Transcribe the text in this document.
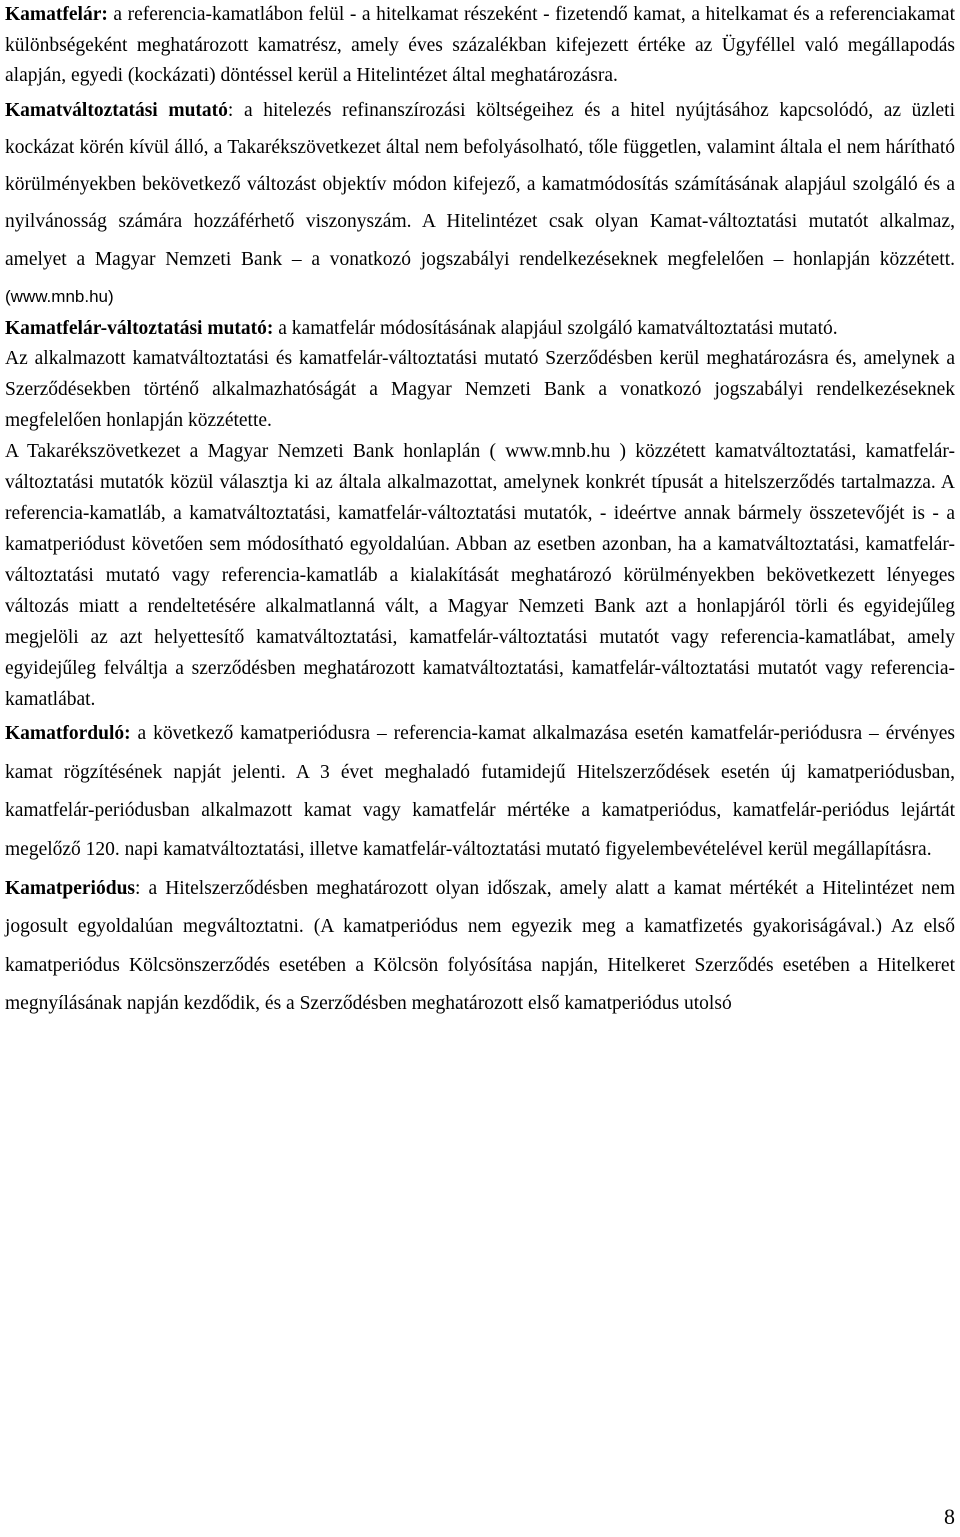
Kamatfelár: a referencia-kamatlábon felül - a hitelkamat részeként - fizetendő kamat, a hitelkamat és a referenciakamat különbségeként meghatározott kamatrész, amely éves százalékban kifejezett értéke az Ügyféllel való megállapodás alapján, egyedi (kockázati) döntéssel kerül a Hitelintézet által meghatározásra.

Kamatváltoztatási mutató: a hitelezés refinanszírozási költségeihez és a hitel nyújtásához kapcsolódó, az üzleti kockázat körén kívül álló, a Takarékszövetkezet által nem befolyásolható, tőle független, valamint általa el nem hárítható körülményekben bekövetkező változást objektív módon kifejező, a kamatmódosítás számításának alapjául szolgáló és a nyilvánosság számára hozzáférhető viszonyszám. A Hitelintézet csak olyan Kamat-változtatási mutatót alkalmaz, amelyet a Magyar Nemzeti Bank – a vonatkozó jogszabályi rendelkezéseknek megfelelően – honlapján közzétett. (www.mnb.hu)

Kamatfelár-változtatási mutató: a kamatfelár módosításának alapjául szolgáló kamatváltoztatási mutató.

Az alkalmazott kamatváltoztatási és kamatfelár-változtatási mutató Szerződésben kerül meghatározásra és, amelynek a Szerződésekben történő alkalmazhatóságát a Magyar Nemzeti Bank a vonatkozó jogszabályi rendelkezéseknek megfelelően honlapján közzétette.

A Takarékszövetkezet a Magyar Nemzeti Bank honlaplán ( www.mnb.hu ) közzétett kamatváltoztatási, kamatfelár-változtatási mutatók közül választja ki az általa alkalmazottat, amelynek konkrét típusát a hitelszerződés tartalmazza. A referencia-kamatláb, a kamatváltoztatási, kamatfelár-változtatási mutatók, - ideértve annak bármely összetevőjét is - a kamatperiódust követően sem módosítható egyoldalúan. Abban az esetben azonban, ha a kamatváltoztatási, kamatfelár-változtatási mutató vagy referencia-kamatláb a kialakítását meghatározó körülményekben bekövetkezett lényeges változás miatt a rendeltetésére alkalmatlanná vált, a Magyar Nemzeti Bank azt a honlapjáról törli és egyidejűleg megjelöli az azt helyettesítő kamatváltoztatási, kamatfelár-változtatási mutatót vagy referencia-kamatlábat, amely egyidejűleg felváltja a szerződésben meghatározott kamatváltoztatási, kamatfelár-változtatási mutatót vagy referencia-kamatlábat.

Kamatforduló: a következő kamatperiódusra – referencia-kamat alkalmazása esetén kamatfelár-periódusra – érvényes kamat rögzítésének napját jelenti. A 3 évet meghaladó futamidejű Hitelszerződések esetén új kamatperiódusban, kamatfelár-periódusban alkalmazott kamat vagy kamatfelár mértéke a kamatperiódus, kamatfelár-periódus lejártát megelőző 120. napi kamatváltoztatási, illetve kamatfelár-változtatási mutató figyelembevételével kerül megállapításra.

Kamatperiódus: a Hitelszerződésben meghatározott olyan időszak, amely alatt a kamat mértékét a Hitelintézet nem jogosult egyoldalúan megváltoztatni. (A kamatperiódus nem egyezik meg a kamatfizetés gyakoriságával.) Az első kamatperiódus Kölcsönszerződés esetében a Kölcsön folyósítása napján, Hitelkeret Szerződés esetében a Hitelkeret megnyílásának napján kezdődik, és a Szerződésben meghatározott első kamatperiódus utolsó

8
